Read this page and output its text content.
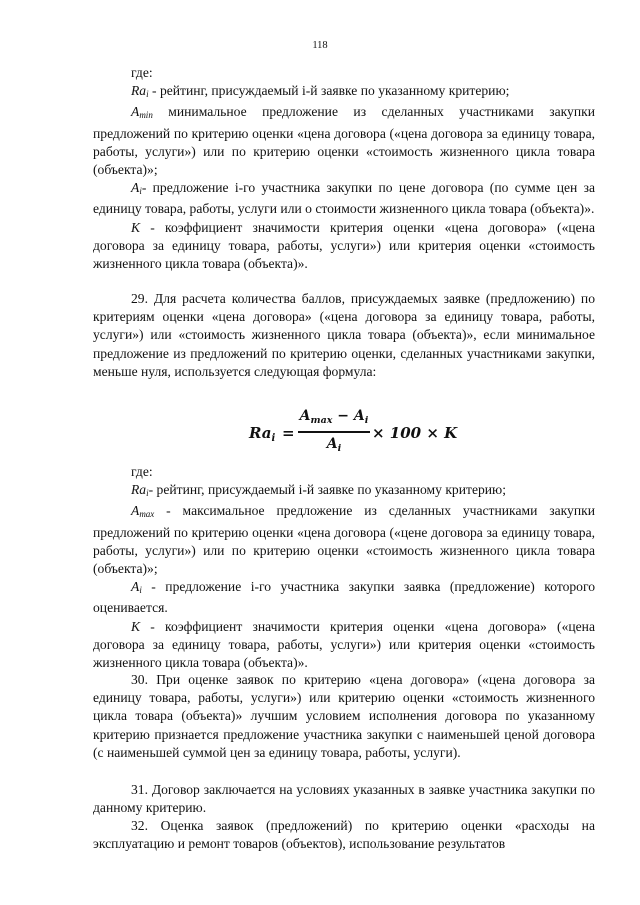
118

где:

$Ra_i$ - рейтинг, присуждаемый i-й заявке по указанному критерию;

$A_{min}$ минимальное предложение из сделанных участниками закупки предложений по критерию оценки «цена договора («цена договора за единицу товара, работы, услуги») или по критерию оценки «стоимость жизненного цикла товара (объекта)»;

$A_i-$ предложение i-го участника закупки по цене договора (по сумме цен за единицу товара, работы, услуги или о стоимости жизненного цикла товара (объекта)».

К - коэффициент значимости критерия оценки «цена договора» («цена договора за единицу товара, работы, услуги») или критерия оценки «стоимость жизненного цикла товара (объекта)».

29. Для расчета количества баллов, присуждаемых заявке (предложению) по критериям оценки «цена договора» («цена договора за единицу товара, работы, услуги») или «стоимость жизненного цикла товара (объекта)», если минимальное предложение из предложений по критерию оценки, сделанных участниками закупки, меньше нуля, используется следующая формула:

$Ra_i$ =
$A_{max} - A_i$
$A_i$
× 100 × K

где:

$Ra_i-$ рейтинг, присуждаемый i-й заявке по указанному критерию;

$A_{max}$ - максимальное предложение из сделанных участниками закупки предложений по критерию оценки «цена договора («цене договора за единицу товара, работы, услуги») или по критерию оценки «стоимость жизненного цикла товара (объекта)»;

$A_i$ - предложение i-го участника закупки заявка (предложение) которого оценивается.

К - коэффициент значимости критерия оценки «цена договора» («цена договора за единицу товара, работы, услуги») или критерия оценки «стоимость жизненного цикла товара (объекта)».

30. При оценке заявок по критерию «цена договора» («цена договора за единицу товара, работы, услуги») или критерию оценки «стоимость жизненного цикла товара (объекта)» лучшим условием исполнения договора по указанному критерию признается предложение участника закупки с наименьшей ценой договора (с наименьшей суммой цен за единицу товара, работы, услуги).

31. Договор заключается на условиях указанных в заявке участника закупки по данному критерию.

32. Оценка заявок (предложений) по критерию оценки «расходы на эксплуатацию и ремонт товаров (объектов), использование результатов
